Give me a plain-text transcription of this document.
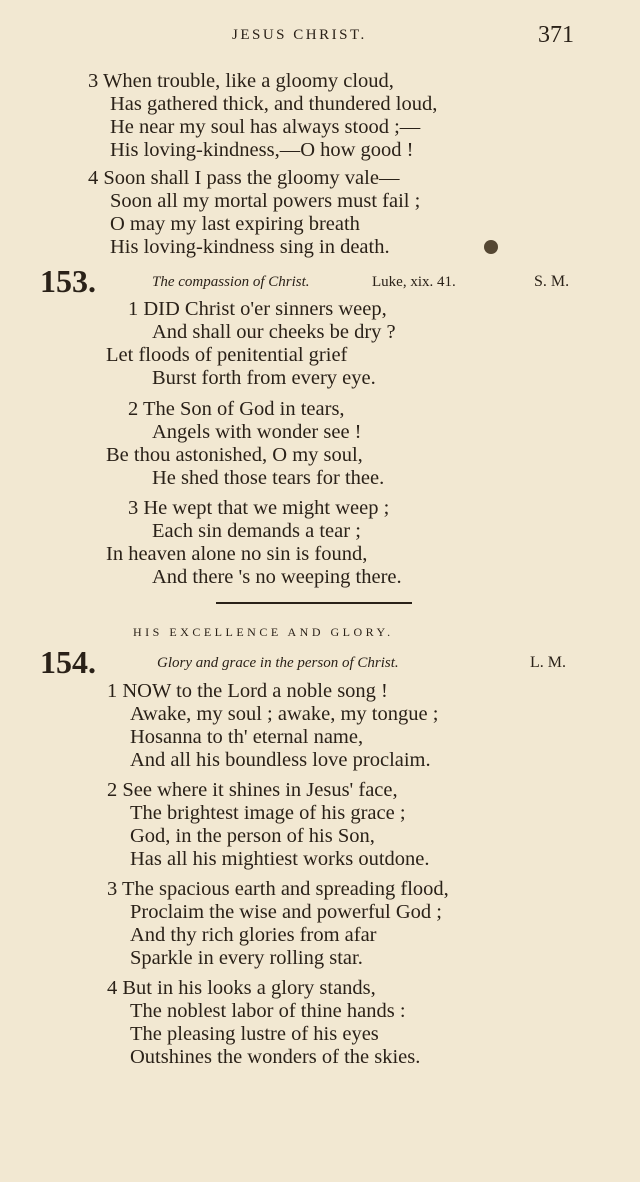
JESUS CHRIST.	371
3 When trouble, like a gloomy cloud,
Has gathered thick, and thundered loud,
He near my soul has always stood ;—
His loving-kindness,—O how good !
4 Soon shall I pass the gloomy vale—
Soon all my mortal powers must fail ;
O may my last expiring breath
His loving-kindness sing in death.
153.	The compassion of Christ.	Luke, xix. 41.	S. M.
1 DID Christ o'er sinners weep,
And shall our cheeks be dry ?
Let floods of penitential grief
Burst forth from every eye.
2 The Son of God in tears,
Angels with wonder see !
Be thou astonished, O my soul,
He shed those tears for thee.
3 He wept that we might weep ;
Each sin demands a tear ;
In heaven alone no sin is found,
And there 's no weeping there.
HIS EXCELLENCE AND GLORY.
154.	Glory and grace in the person of Christ.	L. M.
1 NOW to the Lord a noble song !
Awake, my soul ; awake, my tongue ;
Hosanna to th' eternal name,
And all his boundless love proclaim.
2 See where it shines in Jesus' face,
The brightest image of his grace ;
God, in the person of his Son,
Has all his mightiest works outdone.
3 The spacious earth and spreading flood,
Proclaim the wise and powerful God ;
And thy rich glories from afar
Sparkle in every rolling star.
4 But in his looks a glory stands,
The noblest labor of thine hands :
The pleasing lustre of his eyes
Outshines the wonders of the skies.
